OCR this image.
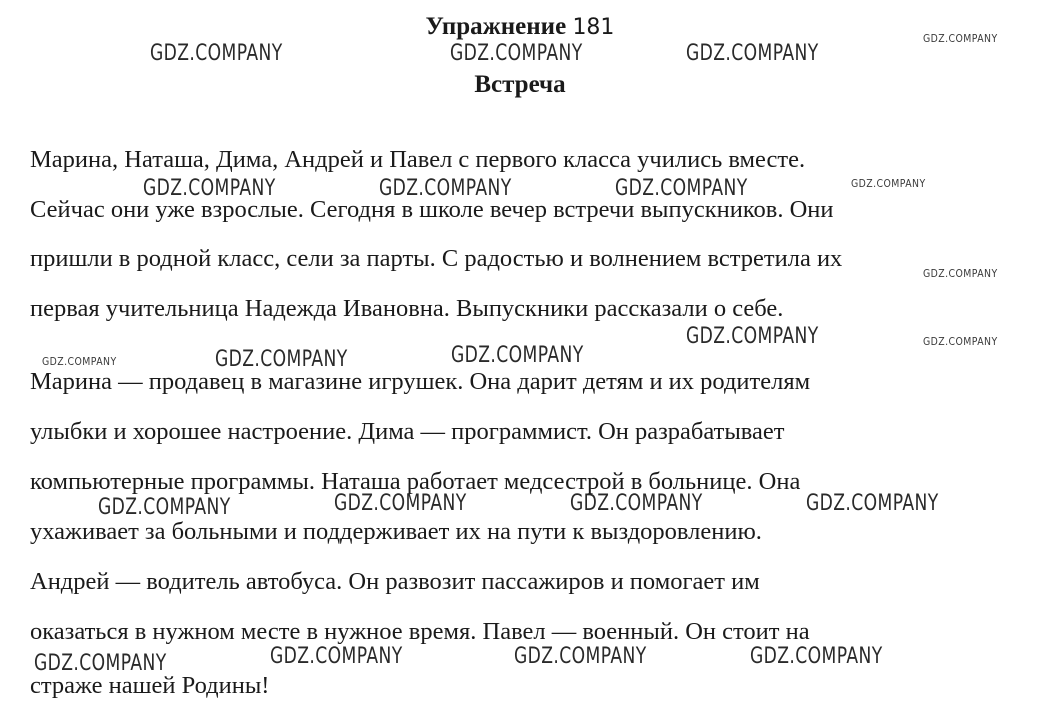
Упражнение 181
Встреча
Марина, Наташа, Дима, Андрей и Павел с первого класса учились вместе.
Сейчас они уже взрослые. Сегодня в школе вечер встречи выпускников. Они
пришли в родной класс, сели за парты. С радостью и волнением встретила их
первая учительница Надежда Ивановна. Выпускники рассказали о себе.
Марина — продавец в магазине игрушек. Она дарит детям и их родителям
улыбки и хорошее настроение. Дима — программист. Он разрабатывает
компьютерные программы. Наташа работает медсестрой в больнице. Она
ухаживает за больными и поддерживает их на пути к выздоровлению.
Андрей — водитель автобуса. Он развозит пассажиров и помогает им
оказаться в нужном месте в нужное время. Павел — военный. Он стоит на
страже нашей Родины!
GDZ.COMPANY	GDZ.COMPANY	GDZ.COMPANY
GDZ.COMPANY
GDZ.COMPANY	GDZ.COMPANY	GDZ.COMPANY	GDZ.COMPANY
GDZ.COMPANY
GDZ.COMPANY	GDZ.COMPANY
GDZ.COMPANY	GDZ.COMPANY	GDZ.COMPANY
GDZ.COMPANY	GDZ.COMPANY	GDZ.COMPANY	GDZ.COMPANY
GDZ.COMPANY	GDZ.COMPANY	GDZ.COMPANY	GDZ.COMPANY
